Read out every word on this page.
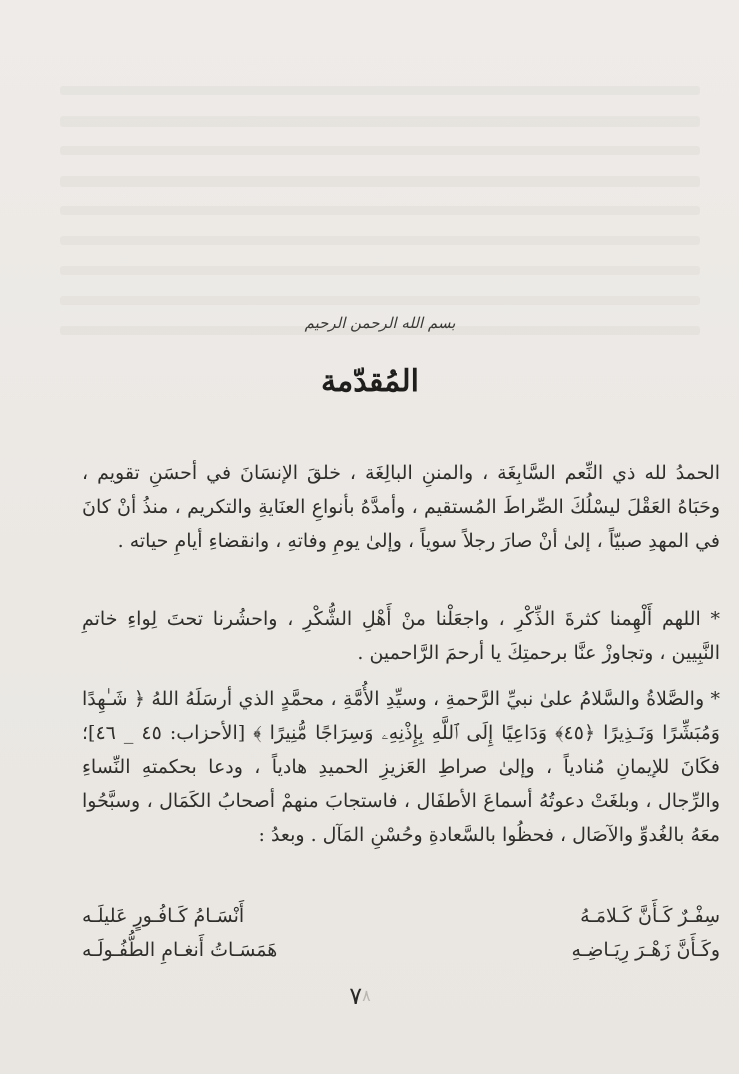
بسم الله الرحمن الرحيم
المُقدّمة
الحمدُ لله ذي النِّعم السَّابِغَة ، والمننِ البالِغَة ، خلقَ الإنسَانَ في أحسَنِ تقويم ، وحَبَاهُ العَقْلَ ليسْلُكَ الصِّراطَ المُستقيم ، وأمدَّهُ بأنواعِ العنَايةِ والتكريم ، منذُ أنْ كانَ في المهدِ صبيّاً ، إلىٰ أنْ صارَ رجلاً سوياً ، وإلىٰ يومِ وفاتهِ ، وانقضاءِ أيامِ حياته .
* اللهم أَلْهِمنا كثرةَ الذِّكْرِ ، واجعَلْنا منْ أَهْلِ الشُّكْرِ ، واحشُرنا تحتَ لِواءِ خاتمِ النَّبِيين ، وتجاوزْ عنَّا برحمتِكَ يا أرحمَ الرَّاحمين .
* والصَّلاةُ والسَّلامُ علىٰ نبيِّ الرَّحمةِ ، وسيِّدِ الأُمَّةِ ، محمَّدٍ الذي أرسَلَهُ اللهُ ﴿ شَـٰهِدًا وَمُبَشِّرًا وَنَـذِيرًا ﴿٤٥﴾ وَدَاعِيًا إِلَى ٱللَّهِ بِإِذْنِهِۦ وَسِرَاجًا مُّنِيرًا ﴾ [الأحزاب: ٤٥ _ ٤٦]؛ فكَانَ للإيمانِ مُنادياً ، وإلىٰ صراطِ العَزيزِ الحميدِ هادياً ، ودعا بحكمتهِ النِّساءِ والرِّجال ، وبلغَتْ دعوتُهُ أسماعَ الأطفَال ، فاستجابَ منهمْ أصحابُ الكَمَال ، وسبَّحُوا معَهُ بالغُدوِّ والآصَال ، فحظُوا بالسَّعادةِ وحُسْنِ المَآل . وبعدُ :
سِفْـرٌ كَـأَنَّ كَـلامَـهُ
أَنْسَـامُ كَـافُـورٍ عَليلَـه
وكَـأَنَّ زَهْـرَ رِيَـاضِـهِ
هَمَسَـاتُ أَنغـامِ الطُّفُـولَـه
$٧^٨$
